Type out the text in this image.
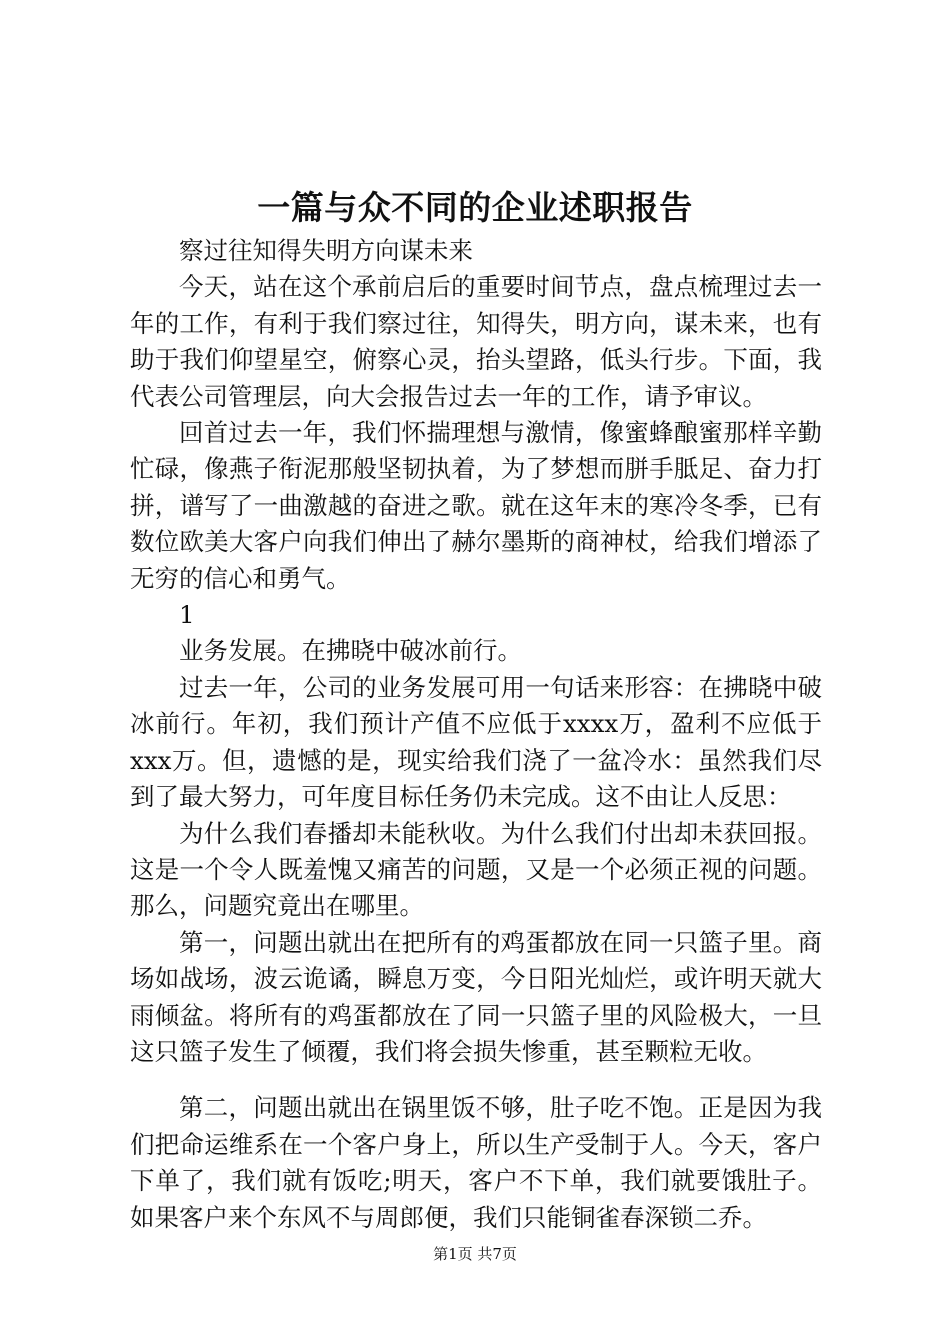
一篇与众不同的企业述职报告

察过往知得失明方向谋未来

今天，站在这个承前启后的重要时间节点，盘点梳理过去一年的工作，有利于我们察过往，知得失，明方向，谋未来，也有助于我们仰望星空，俯察心灵，抬头望路，低头行步。下面，我代表公司管理层，向大会报告过去一年的工作，请予审议。

回首过去一年，我们怀揣理想与激情，像蜜蜂酿蜜那样辛勤忙碌，像燕子衔泥那般坚韧执着，为了梦想而胼手胝足、奋力打拼，谱写了一曲激越的奋进之歌。就在这年末的寒冷冬季，已有数位欧美大客户向我们伸出了赫尔墨斯的商神杖，给我们增添了无穷的信心和勇气。

1

业务发展。在拂晓中破冰前行。

过去一年，公司的业务发展可用一句话来形容：在拂晓中破冰前行。年初，我们预计产值不应低于xxxx万，盈利不应低于xxx万。但，遗憾的是，现实给我们浇了一盆冷水：虽然我们尽到了最大努力，可年度目标任务仍未完成。这不由让人反思：

为什么我们春播却未能秋收。为什么我们付出却未获回报。这是一个令人既羞愧又痛苦的问题，又是一个必须正视的问题。那么，问题究竟出在哪里。

第一，问题出就出在把所有的鸡蛋都放在同一只篮子里。商场如战场，波云诡谲，瞬息万变，今日阳光灿烂，或许明天就大雨倾盆。将所有的鸡蛋都放在了同一只篮子里的风险极大，一旦这只篮子发生了倾覆，我们将会损失惨重，甚至颗粒无收。

第二，问题出就出在锅里饭不够，肚子吃不饱。正是因为我们把命运维系在一个客户身上，所以生产受制于人。今天，客户下单了，我们就有饭吃;明天，客户不下单，我们就要饿肚子。如果客户来个东风不与周郎便，我们只能铜雀春深锁二乔。

第1页 共7页
